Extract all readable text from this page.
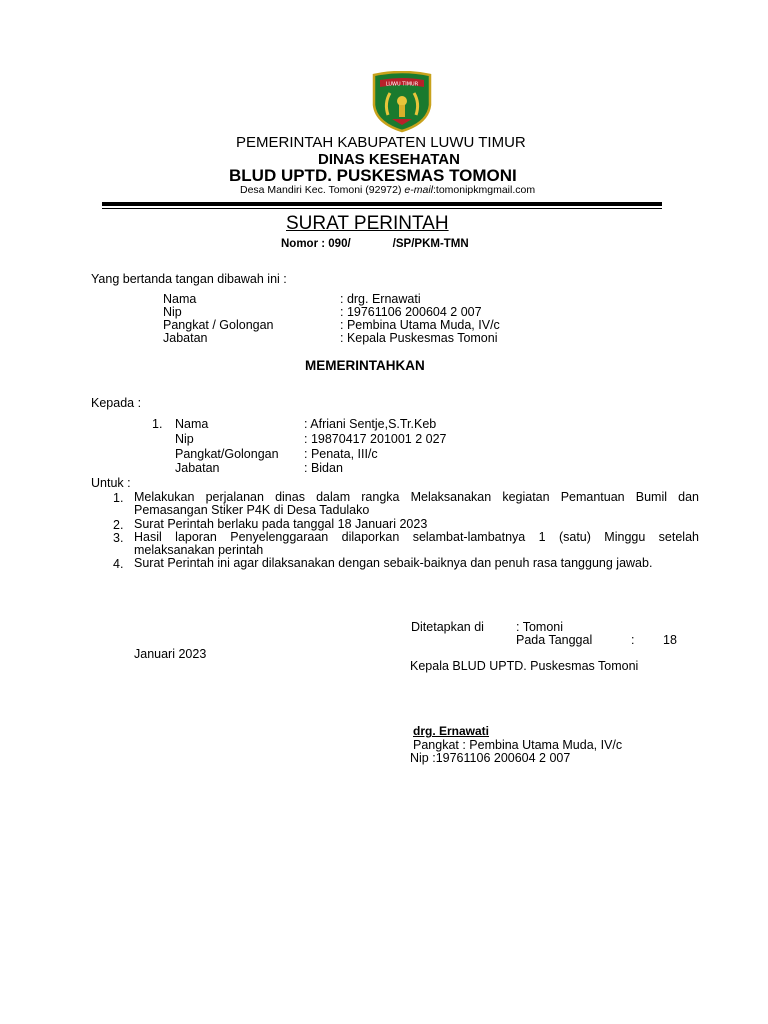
LUWU TIMUR
PEMERINTAH KABUPATEN LUWU TIMUR
DINAS KESEHATAN
BLUD UPTD. PUSKESMAS TOMONI
Desa Mandiri Kec. Tomoni (92972) e-mail:tomonipkmgmail.com
SURAT PERINTAH
Nomor : 090/	/SP/PKM-TMN
Yang bertanda tangan dibawah ini :
Nama	: drg. Ernawati
Nip	: 19761106 200604 2 007
Pangkat / Golongan	: Pembina Utama Muda, IV/c
Jabatan	: Kepala Puskesmas Tomoni
MEMERINTAHKAN
Kepada :
1. Nama	: Afriani Sentje,S.Tr.Keb
Nip	: 19870417 201001 2 027
Pangkat/Golongan : Penata, III/c
Jabatan	: Bidan
Untuk :
1. Melakukan perjalanan dinas dalam rangka Melaksanakan kegiatan Pemantuan Bumil dan Pemasangan Stiker P4K di Desa Tadulako
2. Surat Perintah berlaku pada tanggal 18 Januari 2023
3. Hasil laporan Penyelenggaraan dilaporkan selambat-lambatnya 1 (satu) Minggu setelah melaksanakan perintah
4. Surat Perintah ini agar dilaksanakan dengan sebaik-baiknya dan penuh rasa tanggung jawab.
Ditetapkan di	: Tomoni
Pada Tanggal	: 18
Januari 2023
Kepala BLUD UPTD. Puskesmas Tomoni
drg. Ernawati
Pangkat : Pembina Utama Muda, IV/c
Nip :19761106 200604 2 007
